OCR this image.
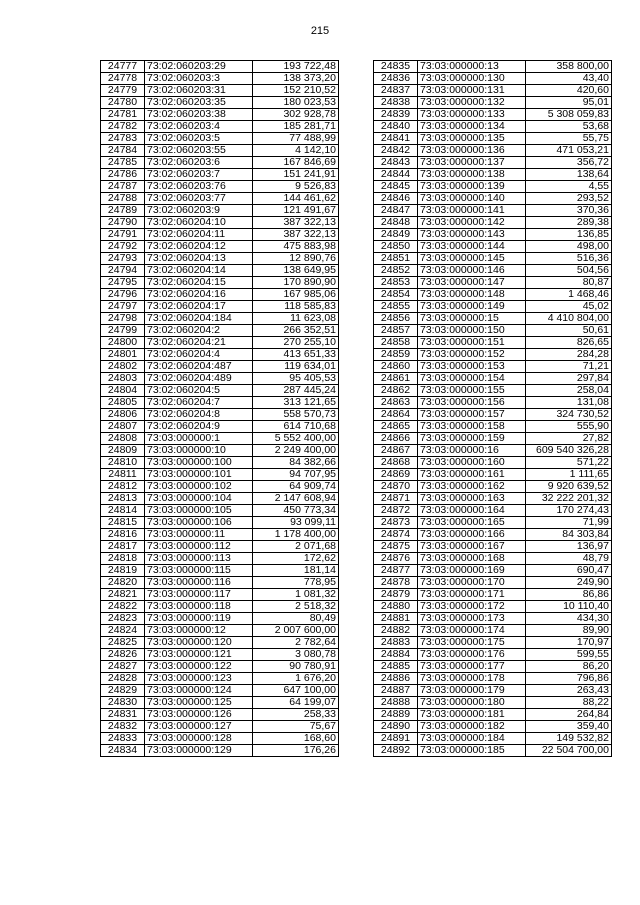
215
24777	73:02:060203:29	193 722,48
24778	73:02:060203:3	138 373,20
24779	73:02:060203:31	152 210,52
24780	73:02:060203:35	180 023,53
24781	73:02:060203:38	302 928,78
24782	73:02:060203:4	185 281,71
24783	73:02:060203:5	77 488,99
24784	73:02:060203:55	4 142,10
24785	73:02:060203:6	167 846,69
24786	73:02:060203:7	151 241,91
24787	73:02:060203:76	9 526,83
24788	73:02:060203:77	144 461,62
24789	73:02:060203:9	121 491,67
24790	73:02:060204:10	387 322,13
24791	73:02:060204:11	387 322,13
24792	73:02:060204:12	475 883,98
24793	73:02:060204:13	12 890,76
24794	73:02:060204:14	138 649,95
24795	73:02:060204:15	170 890,90
24796	73:02:060204:16	167 985,06
24797	73:02:060204:17	118 585,83
24798	73:02:060204:184	11 623,08
24799	73:02:060204:2	266 352,51
24800	73:02:060204:21	270 255,10
24801	73:02:060204:4	413 651,33
24802	73:02:060204:487	119 634,01
24803	73:02:060204:489	95 405,53
24804	73:02:060204:5	287 445,24
24805	73:02:060204:7	313 121,65
24806	73:02:060204:8	558 570,73
24807	73:02:060204:9	614 710,68
24808	73:03:000000:1	5 552 400,00
24809	73:03:000000:10	2 249 400,00
24810	73:03:000000:100	84 382,66
24811	73:03:000000:101	94 707,95
24812	73:03:000000:102	64 909,74
24813	73:03:000000:104	2 147 608,94
24814	73:03:000000:105	450 773,34
24815	73:03:000000:106	93 099,11
24816	73:03:000000:11	1 178 400,00
24817	73:03:000000:112	2 071,68
24818	73:03:000000:113	172,62
24819	73:03:000000:115	181,14
24820	73:03:000000:116	778,95
24821	73:03:000000:117	1 081,32
24822	73:03:000000:118	2 518,32
24823	73:03:000000:119	80,49
24824	73:03:000000:12	2 007 600,00
24825	73:03:000000:120	2 782,64
24826	73:03:000000:121	3 080,78
24827	73:03:000000:122	90 780,91
24828	73:03:000000:123	1 676,20
24829	73:03:000000:124	647 100,00
24830	73:03:000000:125	64 199,07
24831	73:03:000000:126	258,33
24832	73:03:000000:127	75,67
24833	73:03:000000:128	168,60
24834	73:03:000000:129	176,26
24835	73:03:000000:13	358 800,00
24836	73:03:000000:130	43,40
24837	73:03:000000:131	420,60
24838	73:03:000000:132	95,01
24839	73:03:000000:133	5 308 059,83
24840	73:03:000000:134	53,68
24841	73:03:000000:135	55,75
24842	73:03:000000:136	471 053,21
24843	73:03:000000:137	356,72
24844	73:03:000000:138	138,64
24845	73:03:000000:139	4,55
24846	73:03:000000:140	293,52
24847	73:03:000000:141	370,36
24848	73:03:000000:142	289,38
24849	73:03:000000:143	136,85
24850	73:03:000000:144	498,00
24851	73:03:000000:145	516,36
24852	73:03:000000:146	504,56
24853	73:03:000000:147	80,87
24854	73:03:000000:148	1 468,46
24855	73:03:000000:149	45,02
24856	73:03:000000:15	4 410 804,00
24857	73:03:000000:150	50,61
24858	73:03:000000:151	826,65
24859	73:03:000000:152	284,28
24860	73:03:000000:153	71,21
24861	73:03:000000:154	297,84
24862	73:03:000000:155	258,04
24863	73:03:000000:156	131,08
24864	73:03:000000:157	324 730,52
24865	73:03:000000:158	555,90
24866	73:03:000000:159	27,82
24867	73:03:000000:16	609 540 326,28
24868	73:03:000000:160	571,22
24869	73:03:000000:161	1 111,65
24870	73:03:000000:162	9 920 639,52
24871	73:03:000000:163	32 222 201,32
24872	73:03:000000:164	170 274,43
24873	73:03:000000:165	71,99
24874	73:03:000000:166	84 303,84
24875	73:03:000000:167	136,97
24876	73:03:000000:168	48,79
24877	73:03:000000:169	690,47
24878	73:03:000000:170	249,90
24879	73:03:000000:171	86,86
24880	73:03:000000:172	10 110,40
24881	73:03:000000:173	434,30
24882	73:03:000000:174	89,90
24883	73:03:000000:175	170,97
24884	73:03:000000:176	599,55
24885	73:03:000000:177	86,20
24886	73:03:000000:178	796,86
24887	73:03:000000:179	263,43
24888	73:03:000000:180	88,22
24889	73:03:000000:181	264,84
24890	73:03:000000:182	359,40
24891	73:03:000000:184	149 532,82
24892	73:03:000000:185	22 504 700,00
